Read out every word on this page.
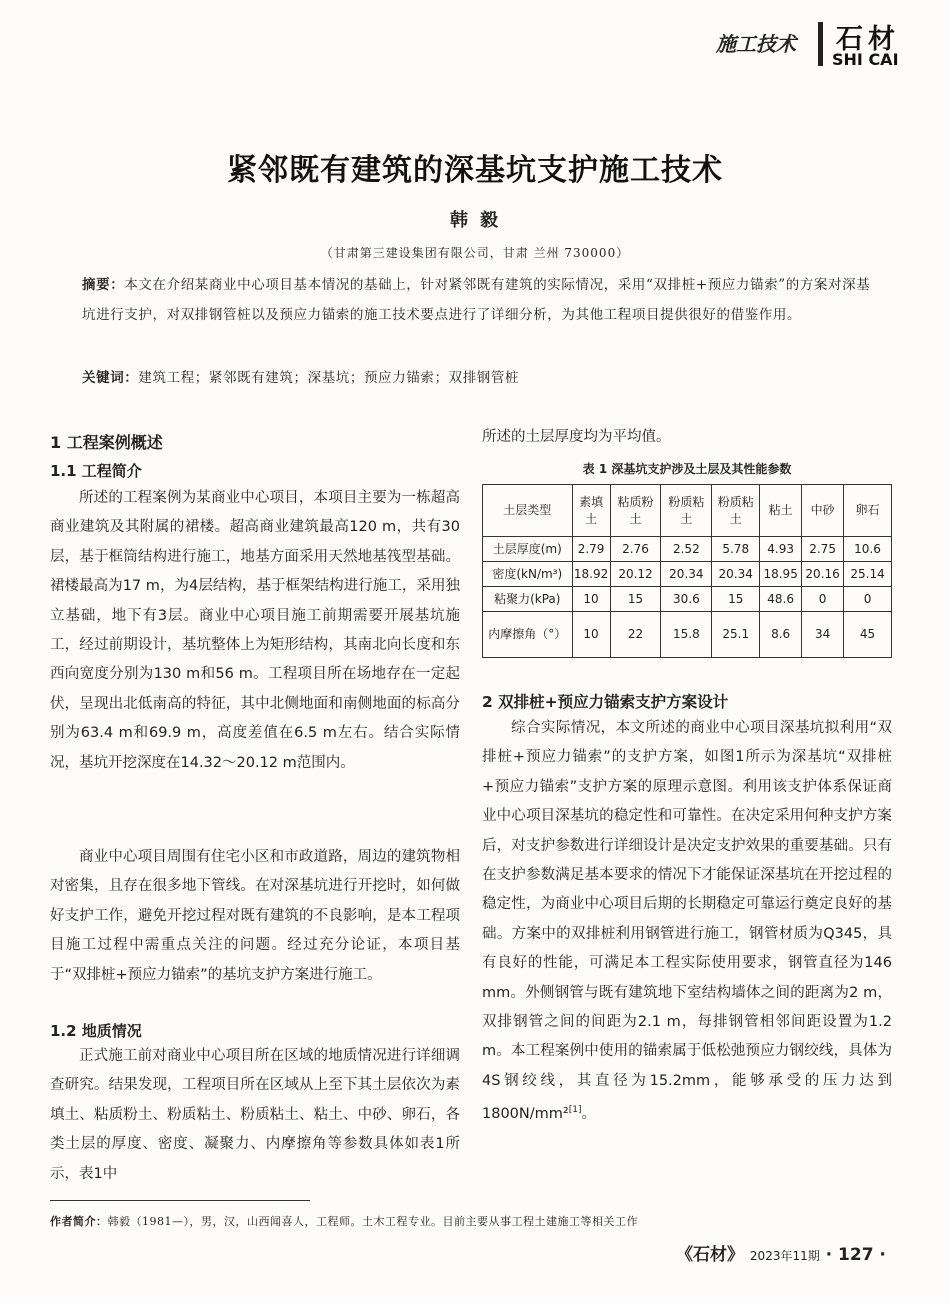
施工技术 石材
SHI CAI
紧邻既有建筑的深基坑支护施工技术
韩毅
（甘肃第三建设集团有限公司，甘肃 兰州 730000）
摘要：本文在介绍某商业中心项目基本情况的基础上，针对紧邻既有建筑的实际情况，采用“双排桩+预应力锚索”的方案对深基坑进行支护，对双排钢管桩以及预应力锚索的施工技术要点进行了详细分析，为其他工程项目提供很好的借鉴作用。
关键词：建筑工程；紧邻既有建筑；深基坑；预应力锚索；双排钢管桩
1 工程案例概述
1.1 工程简介
所述的工程案例为某商业中心项目，本项目主要为一栋超高商业建筑及其附属的裙楼。超高商业建筑最高120 m，共有30层，基于框筒结构进行施工，地基方面采用天然地基筏型基础。裙楼最高为17 m，为4层结构，基于框架结构进行施工，采用独立基础，地下有3层。商业中心项目施工前期需要开展基坑施工，经过前期设计，基坑整体上为矩形结构，其南北向长度和东西向宽度分别为130 m和56 m。工程项目所在场地存在一定起伏，呈现出北低南高的特征，其中北侧地面和南侧地面的标高分别为63.4 m和69.9 m，高度差值在6.5 m左右。结合实际情况，基坑开挖深度在14.32～20.12 m范围内。
商业中心项目周围有住宅小区和市政道路，周边的建筑物相对密集，且存在很多地下管线。在对深基坑进行开挖时，如何做好支护工作，避免开挖过程对既有建筑的不良影响，是本工程项目施工过程中需重点关注的问题。经过充分论证，本项目基于“双排桩+预应力锚索”的基坑支护方案进行施工。
1.2 地质情况
正式施工前对商业中心项目所在区域的地质情况进行详细调查研究。结果发现，工程项目所在区域从上至下其土层依次为素填土、粘质粉土、粉质粘土、粉质粘土、粘土、中砂、卵石，各类土层的厚度、密度、凝聚力、内摩擦角等参数具体如表1所示，表1中
所述的土层厚度均为平均值。
2 双排桩+预应力锚索支护方案设计
综合实际情况，本文所述的商业中心项目深基坑拟利用“双排桩+预应力锚索”的支护方案，如图1所示为深基坑“双排桩+预应力锚索”支护方案的原理示意图。利用该支护体系保证商业中心项目深基坑的稳定性和可靠性。在决定采用何种支护方案后，对支护参数进行详细设计是决定支护效果的重要基础。只有在支护参数满足基本要求的情况下才能保证深基坑在开挖过程的稳定性，为商业中心项目后期的长期稳定可靠运行奠定良好的基础。方案中的双排桩利用钢管进行施工，钢管材质为Q345，具有良好的性能，可满足本工程实际使用要求，钢管直径为146 mm。外侧钢管与既有建筑地下室结构墙体之间的距离为2 m，双排钢管之间的间距为2.1 m，每排钢管相邻间距设置为1.2 m。本工程案例中使用的锚索属于低松弛预应力钢绞线，具体为4S钢绞线，其直径为15.2mm，能够承受的压力达到1800N/mm²[1]。
表 1 深基坑支护涉及土层及其性能参数
土层类型	素填土	粘质粉土	粉质粘土	粉质粘土	粘土	中砂	卵石
土层厚度(m)	2.79	2.76	2.52	5.78	4.93	2.75	10.6
密度(kN/m³)	18.92	20.12	20.34	20.34	18.95	20.16	25.14
粘聚力(kPa)	10	15	30.6	15	48.6	0	0
内摩擦角（°）	10	22	15.8	25.1	8.6	34	45
作者简介：韩毅（1981—），男，汉，山西闻喜人，工程师。土木工程专业。目前主要从事工程土建施工等相关工作
《石材》 2023年11期 · 127 ·
